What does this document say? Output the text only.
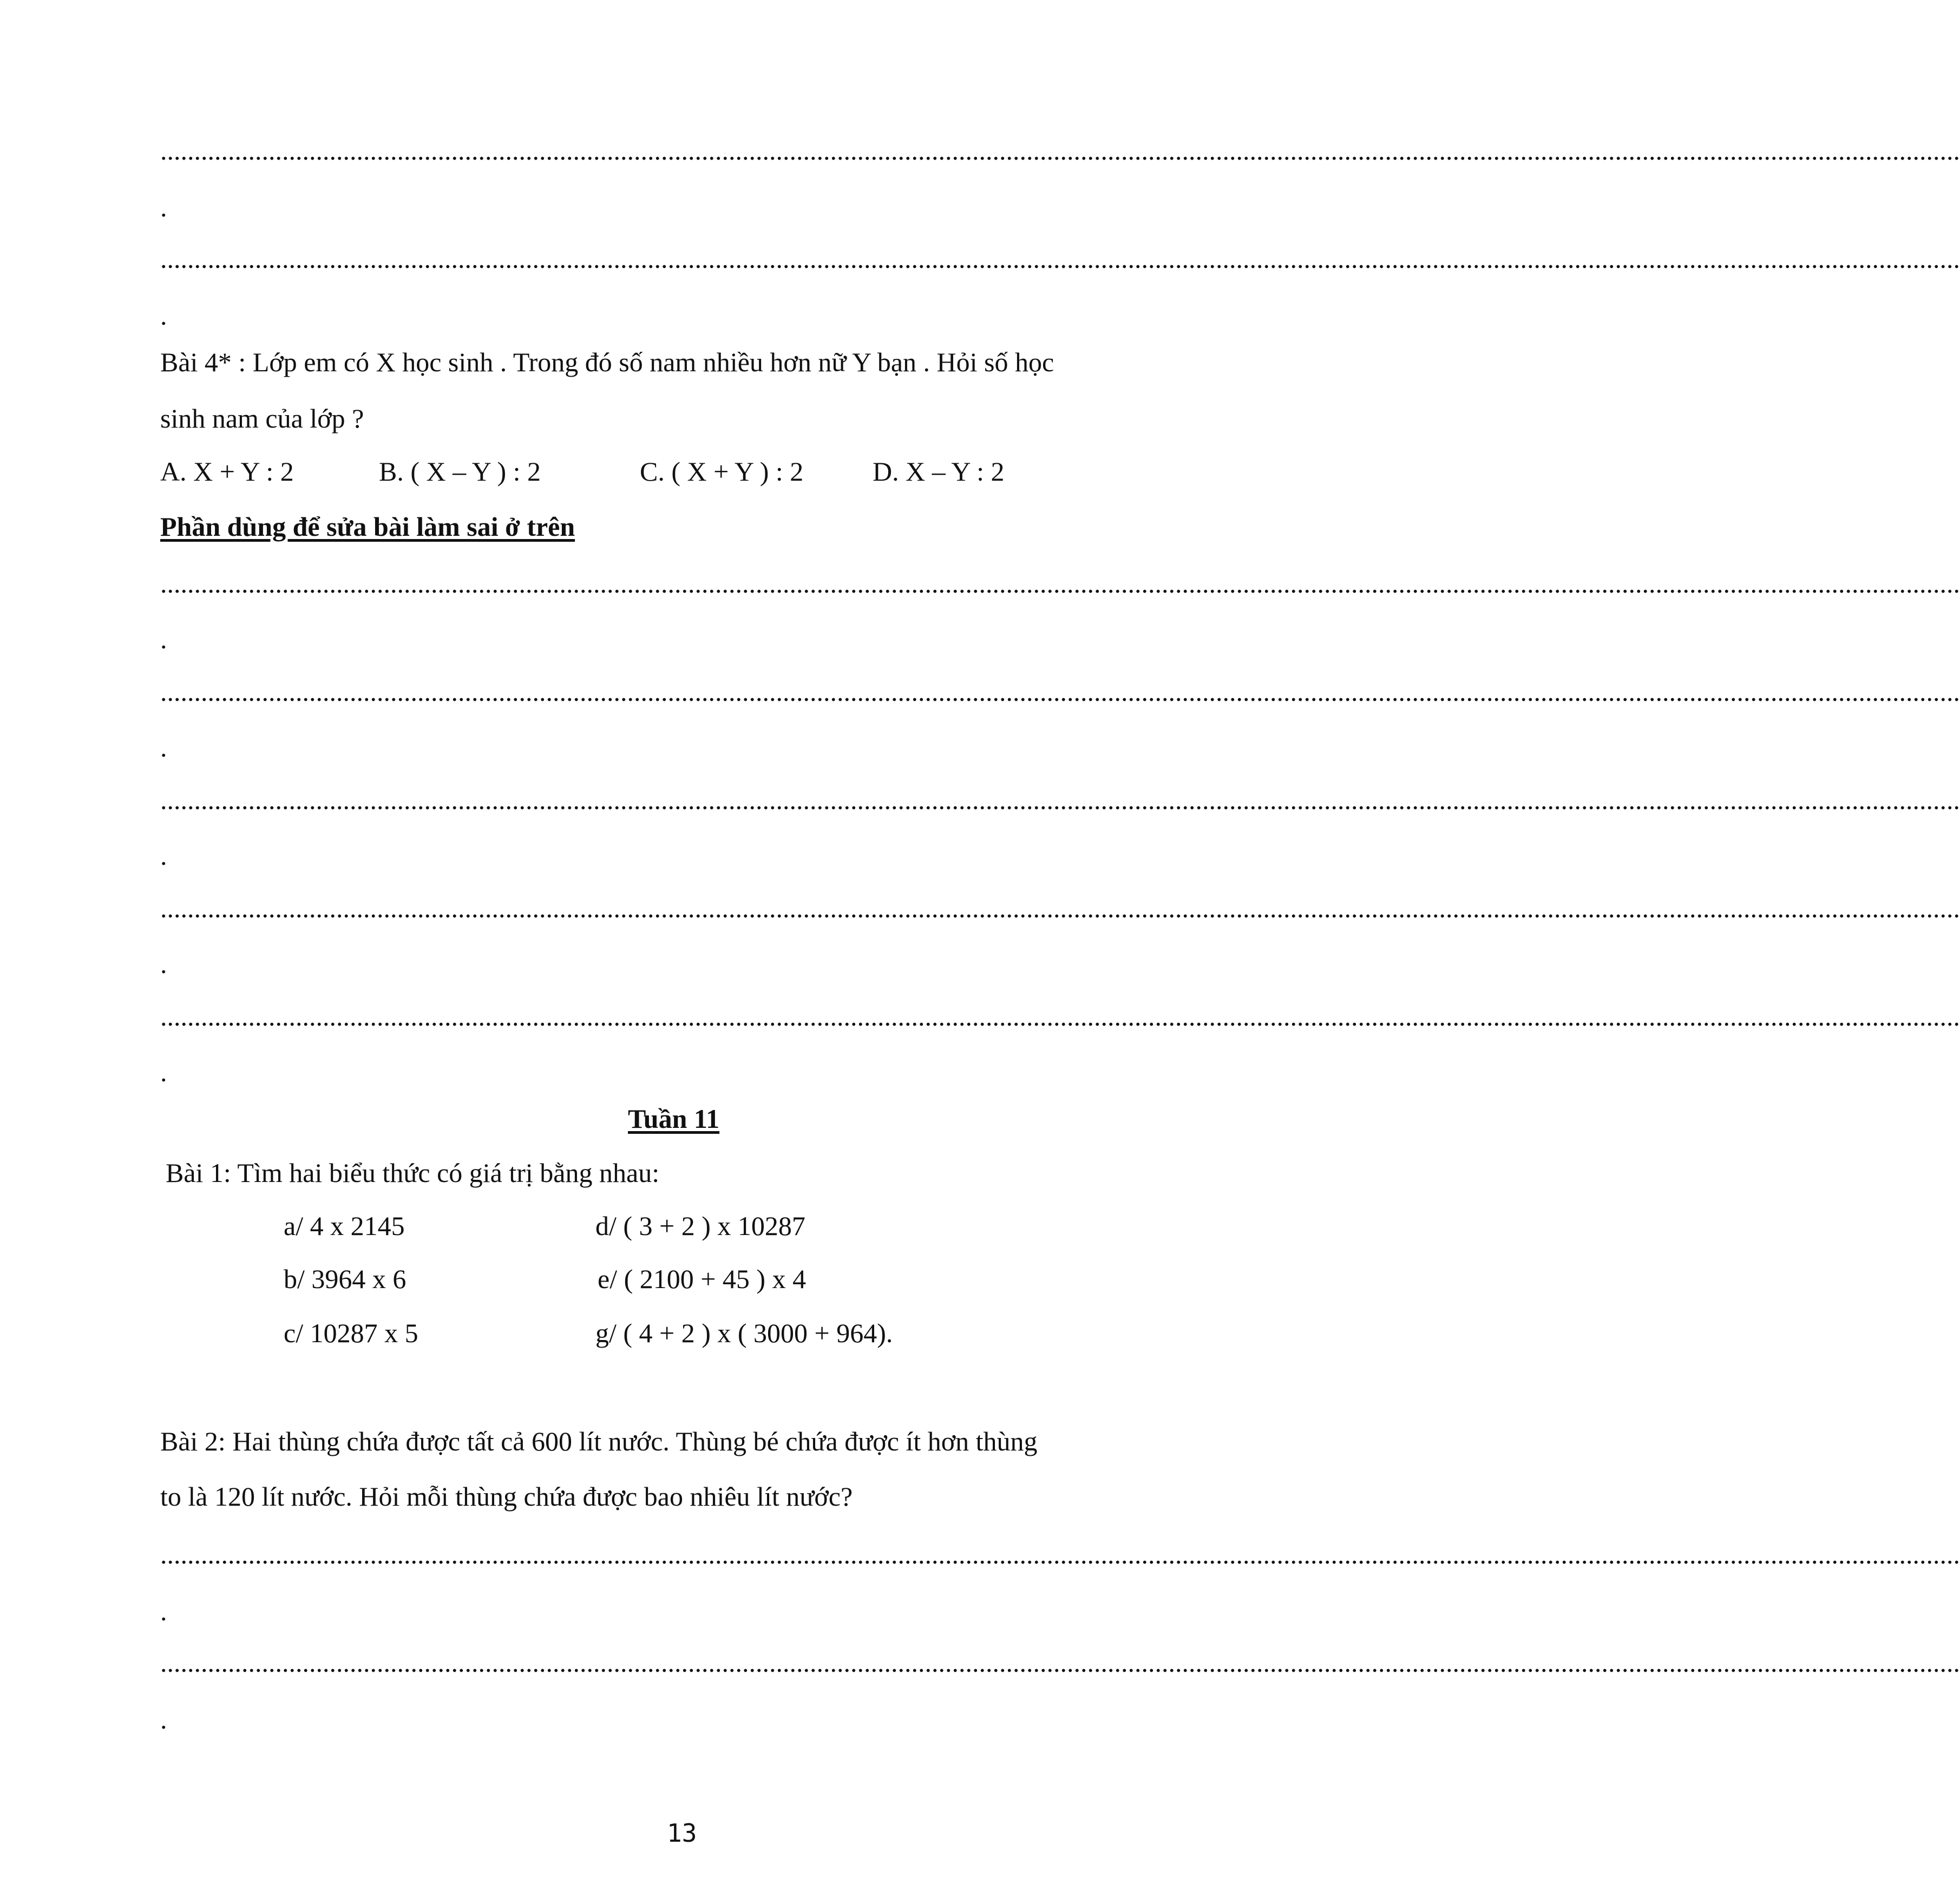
..........................................................................................................................................................................................................................................................................
.
..........................................................................................................................................................................................................................................................................
.
Bài 4* : Lớp em có X học sinh . Trong đó số nam nhiều hơn nữ Y bạn . Hỏi số học
sinh nam của lớp ?
A. X + Y : 2	B. ( X – Y ) : 2	C. ( X + Y ) : 2	D. X – Y : 2
Phần dùng để sửa bài làm sai ở trên
..........................................................................................................................................................................................................................................................................
.
..........................................................................................................................................................................................................................................................................
.
..........................................................................................................................................................................................................................................................................
.
..........................................................................................................................................................................................................................................................................
.
..........................................................................................................................................................................................................................................................................
.
Tuần 11
Bài 1: Tìm hai biểu thức có giá trị bằng nhau:
a/ 4 x 2145	d/ ( 3 + 2 ) x 10287
b/ 3964 x 6	e/ ( 2100 + 45 ) x 4
c/ 10287 x 5	g/ ( 4 + 2 ) x ( 3000 + 964).
Bài 2: Hai thùng chứa được tất cả 600 lít nước. Thùng bé chứa được ít hơn thùng
to là 120 lít nước. Hỏi mỗi thùng chứa được bao nhiêu lít nước?
..........................................................................................................................................................................................................................................................................
.
..........................................................................................................................................................................................................................................................................
.
13
